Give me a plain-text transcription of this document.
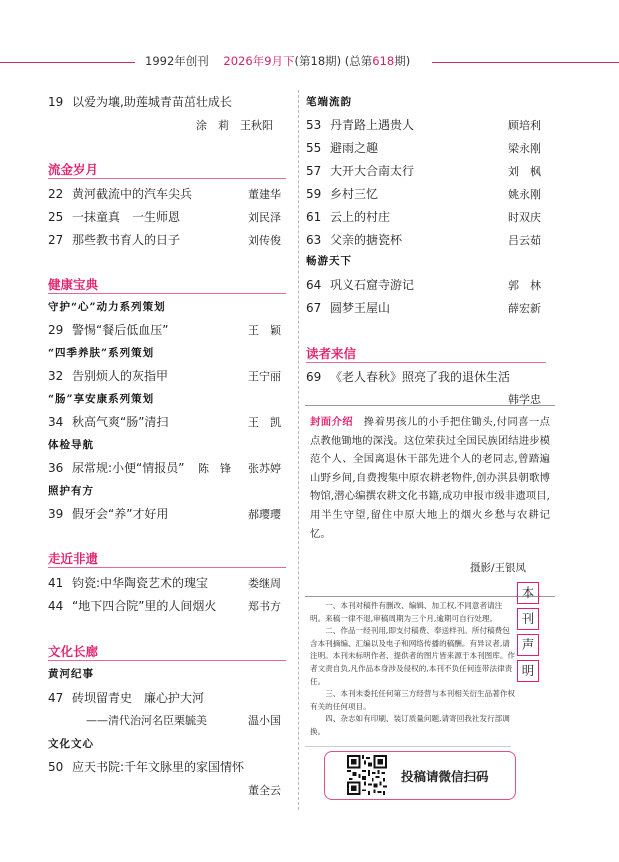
1992年创刊 2026年9月下(第18期) (总第618期)
19 以爱为壤,助莲城青苗茁壮成长
涂　莉　王秋阳
流金岁月
22 黄河截流中的汽车尖兵	董建华
25 一抹童真　一生师恩	刘民泽
27 那些教书育人的日子	刘传俊
健康宝典
守护“心”动力系列策划
29 警惕“餐后低血压”	王　颖
“四季养肤”系列策划
32 告别烦人的灰指甲	王宁丽
“肠”享安康系列策划
34 秋高气爽“肠”清扫	王　凯
体检导航
36 尿常规:小便“情报员” 陈　锋 张苏婷
照护有方
39 假牙会“养”才好用	郝璎璎
走近非遗
41 钧瓷:中华陶瓷艺术的瑰宝	娄继周
44 “地下四合院”里的人间烟火	郑书方
文化长廊
黄河纪事
47 砖坝留青史　廉心护大河
——清代治河名臣栗毓美	温小国
文化文心
50 应天书院:千年文脉里的家国情怀
董全云
笔端流韵
53 丹青路上遇贵人	顾培利
55 避雨之趣	梁永刚
57 大开大合南太行	刘　枫
59 乡村三忆	姚永刚
61 云上的村庄	时双庆
63 父亲的搪瓷杯	吕云茹
畅游天下
64 巩义石窟寺游记	郭　林
67 圆梦王屋山	薛宏新
读者来信
69 《老人春秋》照亮了我的退休生活
韩学忠
封面介绍　搀着男孩儿的小手把住锄头,付同喜一点点教他锄地的深浅。这位荣获过全国民族团结进步模范个人、全国离退休干部先进个人的老同志,曾踏遍山野乡间,自费搜集中原农耕老物件,创办淇县朝歌博物馆,潜心编撰农耕文化书籍,成功申报市级非遗项目,用半生守望,留住中原大地上的烟火乡愁与农耕记忆。
摄影/王银凤

一、本刊对稿件有删改、编辑、加工权,不同意者请注明。来稿一律不退,审稿周期为三个月,逾期可自行处理。

二、作品一经刊用,即支付稿费、奉送样刊。所付稿费包含本刊摘编、汇编以及电子和网络传播的稿酬。有异议者,请注明。本刊未标明作者、提供者的图片皆来源于本刊图库。作者文责自负,凡作品本身涉及侵权的,本刊不负任何连带法律责任。

三、本刊未委托任何第三方经营与本刊相关衍生品著作权有关的任何项目。

四、杂志如有印刷、装订质量问题,请寄回我社发行部调换。

本
刊
声
明
投稿请微信扫码
